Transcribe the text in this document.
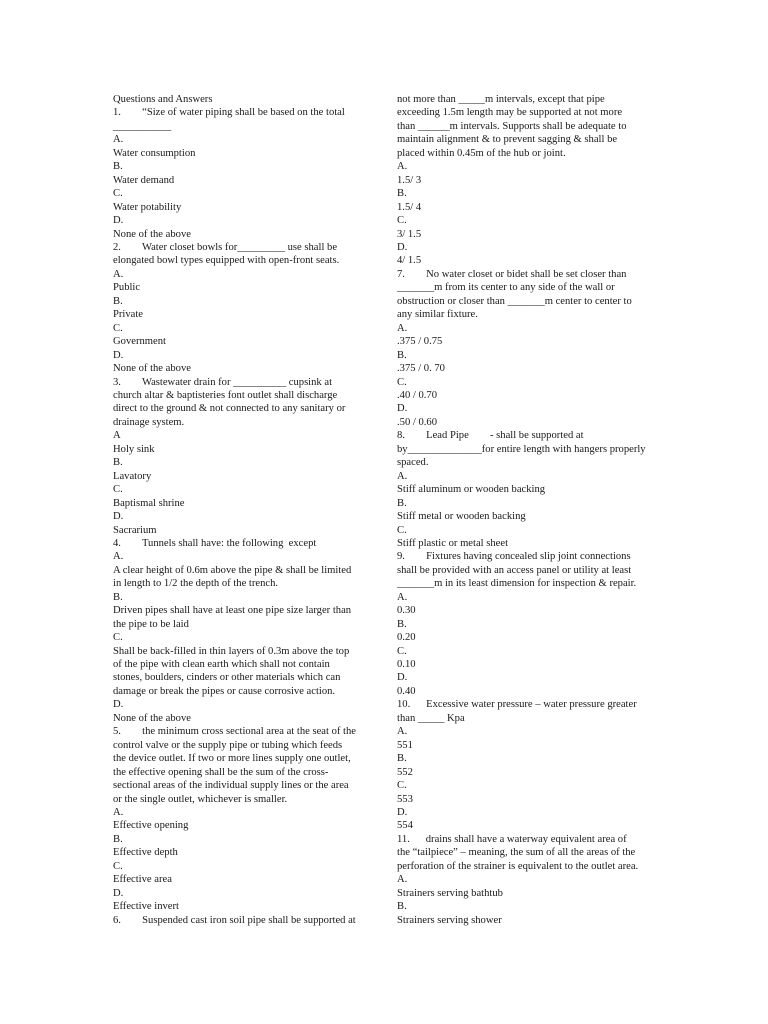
Questions and Answers
1.        “Size of water piping shall be based on the total
___________
A.
Water consumption
B.
Water demand
C.
Water potability
D.
None of the above
2.        Water closet bowls for_________ use shall be
elongated bowl types equipped with open-front seats.
A.
Public
B.
Private
C.
Government
D.
None of the above
3.        Wastewater drain for __________ cupsink at
church altar & baptisteries font outlet shall discharge
direct to the ground & not connected to any sanitary or
drainage system.
A
Holy sink
B.
Lavatory
C.
Baptismal shrine
D.
Sacrarium
4.        Tunnels shall have: the following  except
A.
A clear height of 0.6m above the pipe & shall be limited
in length to 1/2 the depth of the trench.
B.
Driven pipes shall have at least one pipe size larger than
the pipe to be laid
C.
Shall be back-filled in thin layers of 0.3m above the top
of the pipe with clean earth which shall not contain
stones, boulders, cinders or other materials which can
damage or break the pipes or cause corrosive action.
D.
None of the above
5.        the minimum cross sectional area at the seat of the
control valve or the supply pipe or tubing which feeds
the device outlet. If two or more lines supply one outlet,
the effective opening shall be the sum of the cross-
sectional areas of the individual supply lines or the area
or the single outlet, whichever is smaller.
A.
Effective opening
B.
Effective depth
C.
Effective area
D.
Effective invert
6.        Suspended cast iron soil pipe shall be supported at
not more than _____m intervals, except that pipe
exceeding 1.5m length may be supported at not more
than ______m intervals. Supports shall be adequate to
maintain alignment & to prevent sagging & shall be
placed within 0.45m of the hub or joint.
A.
1.5/ 3
B.
1.5/ 4
C.
3/ 1.5
D.
4/ 1.5
7.        No water closet or bidet shall be set closer than
_______m from its center to any side of the wall or
obstruction or closer than _______m center to center to
any similar fixture.
A.
.375 / 0.75
B.
.375 / 0. 70
C.
.40 / 0.70
D.
.50 / 0.60
8.        Lead Pipe        - shall be supported at
by______________for entire length with hangers properly
spaced.
A.
Stiff aluminum or wooden backing
B.
Stiff metal or wooden backing
C.
Stiff plastic or metal sheet
9.        Fixtures having concealed slip joint connections
shall be provided with an access panel or utility at least
_______m in its least dimension for inspection & repair.
A.
0.30
B.
0.20
C.
0.10
D.
0.40
10.      Excessive water pressure – water pressure greater
than _____ Kpa
A.
551
B.
552
C.
553
D.
554
11.      drains shall have a waterway equivalent area of
the “tailpiece” – meaning, the sum of all the areas of the
perforation of the strainer is equivalent to the outlet area.
A.
Strainers serving bathtub
B.
Strainers serving shower
